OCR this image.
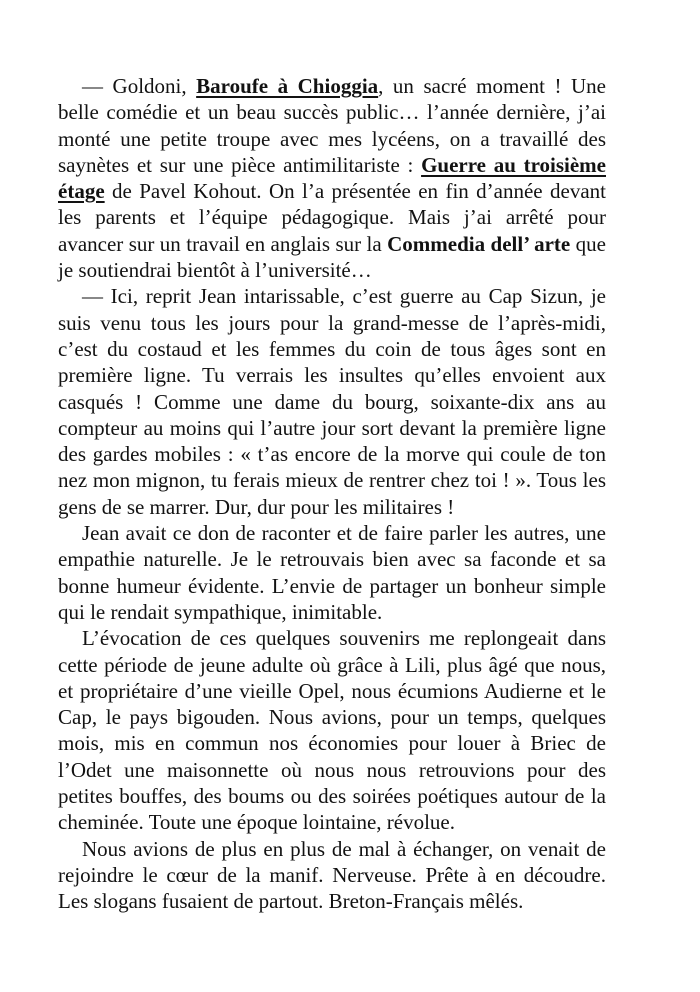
— Goldoni, Baroufe à Chioggia, un sacré moment ! Une belle comédie et un beau succès public… l’année dernière, j’ai monté une petite troupe avec mes lycéens, on a travaillé des saynètes et sur une pièce antimilitariste : Guerre au troisième étage de Pavel Kohout. On l’a présentée en fin d’année devant les parents et l’équipe pédagogique. Mais j’ai arrêté pour avancer sur un travail en anglais sur la Commedia dell’ arte que je soutiendrai bientôt à l’université…

— Ici, reprit Jean intarissable, c’est guerre au Cap Sizun, je suis venu tous les jours pour la grand-messe de l’après-midi, c’est du costaud et les femmes du coin de tous âges sont en première ligne. Tu verrais les insultes qu’elles envoient aux casqués ! Comme une dame du bourg, soixante-dix ans au compteur au moins qui l’autre jour sort devant la première ligne des gardes mobiles : « t’as encore de la morve qui coule de ton nez mon mignon, tu ferais mieux de rentrer chez toi ! ». Tous les gens de se marrer. Dur, dur pour les militaires !

Jean avait ce don de raconter et de faire parler les autres, une empathie naturelle. Je le retrouvais bien avec sa faconde et sa bonne humeur évidente. L’envie de partager un bonheur simple qui le rendait sympathique, inimitable.

L’évocation de ces quelques souvenirs me replongeait dans cette période de jeune adulte où grâce à Lili, plus âgé que nous, et propriétaire d’une vieille Opel, nous écumions Audierne et le Cap, le pays bigouden. Nous avions, pour un temps, quelques mois, mis en commun nos économies pour louer à Briec de l’Odet une maisonnette où nous nous retrouvions pour des petites bouffes, des boums ou des soirées poétiques autour de la cheminée. Toute une époque lointaine, révolue.

Nous avions de plus en plus de mal à échanger, on venait de rejoindre le cœur de la manif. Nerveuse. Prête à en découdre. Les slogans fusaient de partout. Breton-Français mêlés.
